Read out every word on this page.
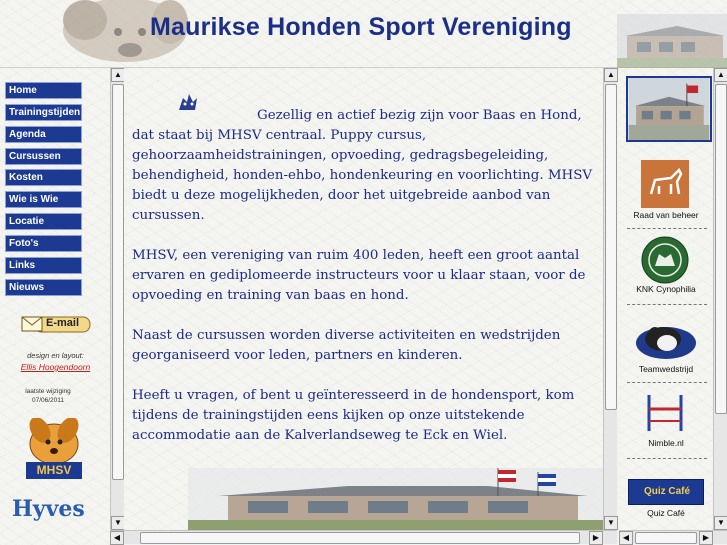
Maurikse Honden Sport Vereniging
Home
Trainingstijden
Agenda
Cursussen
Kosten
Wie is Wie
Locatie
Foto's
Links
Nieuws
E-mail
design en layout:
Ellis Hoogendoorn
laatste wijziging
07/06/2011
MHSV
Hyves
▲
▼

Gezellig en actief bezig zijn voor Baas en Hond, dat staat bij MHSV centraal. Puppy cursus, gehoorzaamheidstrainingen, opvoeding, gedragsbegeleiding, behendigheid, honden-ehbo, hondenkeuring en voorlichting. MHSV biedt u deze mogelijkheden, door het uitgebreide aanbod van cursussen.

MHSV, een vereniging van ruim 400 leden, heeft een groot aantal ervaren en gediplomeerde instructeurs voor u klaar staan, voor de opvoeding en training van baas en hond.

Naast de cursussen worden diverse activiteiten en wedstrijden georganiseerd voor leden, partners en kinderen.

Heeft u vragen, of bent u geïnteresseerd in de hondensport, kom tijdens de trainingstijden eens kijken op onze uitstekende accommodatie aan de Kalverlandseweg te Eck en Wiel.

▲
▼
◀	▶
Raad van beheer
KNK Cynophilia
Teamwedstrijd
Nimble.nl
Quiz Café
Quiz Café
▲
▼
◀	▶
